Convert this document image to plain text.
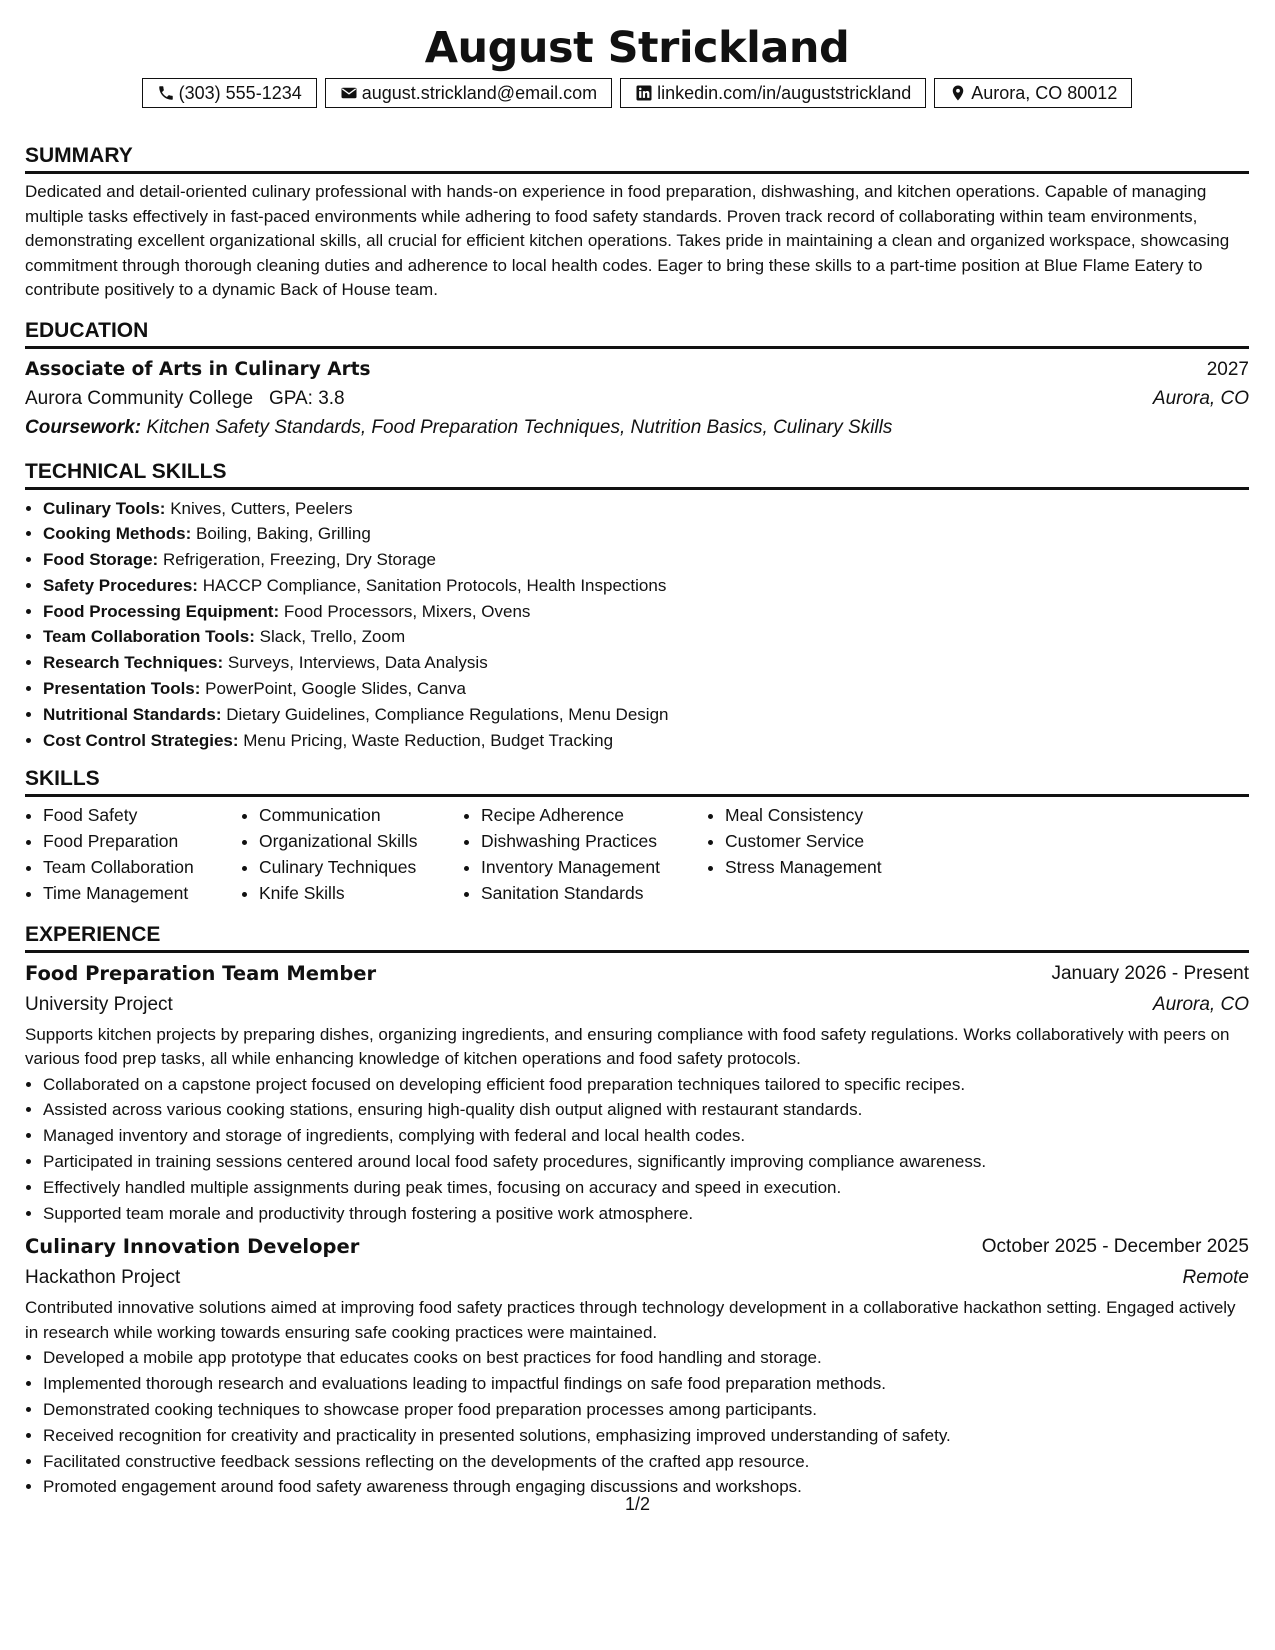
August Strickland
(303) 555-1234	august.strickland@email.com	linkedin.com/in/auguststrickland	Aurora, CO 80012
SUMMARY

Dedicated and detail-oriented culinary professional with hands-on experience in food preparation, dishwashing, and kitchen operations. Capable of managing multiple tasks effectively in fast-paced environments while adhering to food safety standards. Proven track record of collaborating within team environments, demonstrating excellent organizational skills, all crucial for efficient kitchen operations. Takes pride in maintaining a clean and organized workspace, showcasing commitment through thorough cleaning duties and adherence to local health codes. Eager to bring these skills to a part-time position at Blue Flame Eatery to contribute positively to a dynamic Back of House team.

EDUCATION
Associate of Arts in Culinary Arts	2027
Aurora Community College GPA: 3.8	Aurora, CO
Coursework: Kitchen Safety Standards, Food Preparation Techniques, Nutrition Basics, Culinary Skills
TECHNICAL SKILLS
• Culinary Tools: Knives, Cutters, Peelers
• Cooking Methods: Boiling, Baking, Grilling
• Food Storage: Refrigeration, Freezing, Dry Storage
• Safety Procedures: HACCP Compliance, Sanitation Protocols, Health Inspections
• Food Processing Equipment: Food Processors, Mixers, Ovens
• Team Collaboration Tools: Slack, Trello, Zoom
• Research Techniques: Surveys, Interviews, Data Analysis
• Presentation Tools: PowerPoint, Google Slides, Canva
• Nutritional Standards: Dietary Guidelines, Compliance Regulations, Menu Design
• Cost Control Strategies: Menu Pricing, Waste Reduction, Budget Tracking
SKILLS
• Food Safety
• Food Preparation
• Team Collaboration
• Time Management
• Communication
• Organizational Skills
• Culinary Techniques
• Knife Skills
• Recipe Adherence
• Dishwashing Practices
• Inventory Management
• Sanitation Standards
• Meal Consistency
• Customer Service
• Stress Management
EXPERIENCE
Food Preparation Team Member	January 2026 - Present
University Project	Aurora, CO

Supports kitchen projects by preparing dishes, organizing ingredients, and ensuring compliance with food safety regulations. Works collaboratively with peers on various food prep tasks, all while enhancing knowledge of kitchen operations and food safety protocols.

• Collaborated on a capstone project focused on developing efficient food preparation techniques tailored to specific recipes.
• Assisted across various cooking stations, ensuring high-quality dish output aligned with restaurant standards.
• Managed inventory and storage of ingredients, complying with federal and local health codes.
• Participated in training sessions centered around local food safety procedures, significantly improving compliance awareness.
• Effectively handled multiple assignments during peak times, focusing on accuracy and speed in execution.
• Supported team morale and productivity through fostering a positive work atmosphere.
Culinary Innovation Developer	October 2025 - December 2025
Hackathon Project	Remote

Contributed innovative solutions aimed at improving food safety practices through technology development in a collaborative hackathon setting. Engaged actively in research while working towards ensuring safe cooking practices were maintained.

• Developed a mobile app prototype that educates cooks on best practices for food handling and storage.
• Implemented thorough research and evaluations leading to impactful findings on safe food preparation methods.
• Demonstrated cooking techniques to showcase proper food preparation processes among participants.
• Received recognition for creativity and practicality in presented solutions, emphasizing improved understanding of safety.
• Facilitated constructive feedback sessions reflecting on the developments of the crafted app resource.
• Promoted engagement around food safety awareness through engaging discussions and workshops.
1/2
